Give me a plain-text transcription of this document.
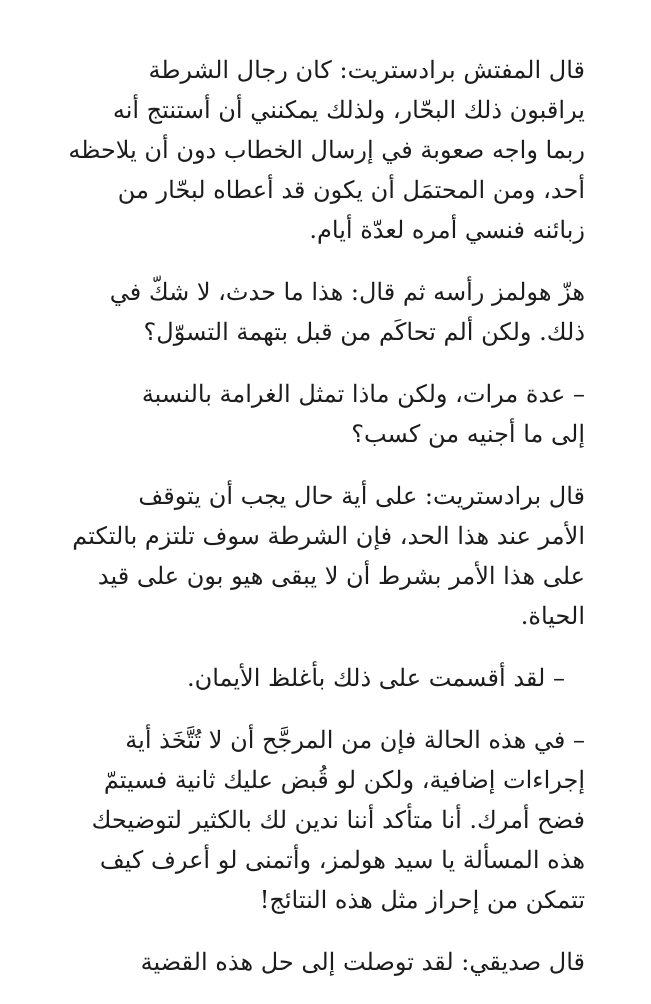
قال المفتش برادستريت: كان رجال الشرطة
يراقبون ذلك البحّار، ولذلك يمكنني أن أستنتج أنه
ربما واجه صعوبة في إرسال الخطاب دون أن يلاحظه
أحد، ومن المحتمَل أن يكون قد أعطاه لبحّار من
زبائنه فنسي أمره لعدّة أيام.

هزّ هولمز رأسه ثم قال: هذا ما حدث، لا شكّ في
ذلك. ولكن ألم تحاكَم من قبل بتهمة التسوّل؟

– عدة مرات، ولكن ماذا تمثل الغرامة بالنسبة
إلى ما أجنيه من كسب؟

قال برادستريت: على أية حال يجب أن يتوقف
الأمر عند هذا الحد، فإن الشرطة سوف تلتزم بالتكتم
على هذا الأمر بشرط أن لا يبقى هيو بون على قيد
الحياة.

– لقد أقسمت على ذلك بأغلظ الأيمان.

– في هذه الحالة فإن من المرجَّح أن لا تُتَّخَذ أية
إجراءات إضافية، ولكن لو قُبض عليك ثانية فسيتمّ
فضح أمرك. أنا متأكد أننا ندين لك بالكثير لتوضيحك
هذه المسألة يا سيد هولمز، وأتمنى لو أعرف كيف
تتمكن من إحراز مثل هذه النتائج!

قال صديقي: لقد توصلت إلى حل هذه القضية
